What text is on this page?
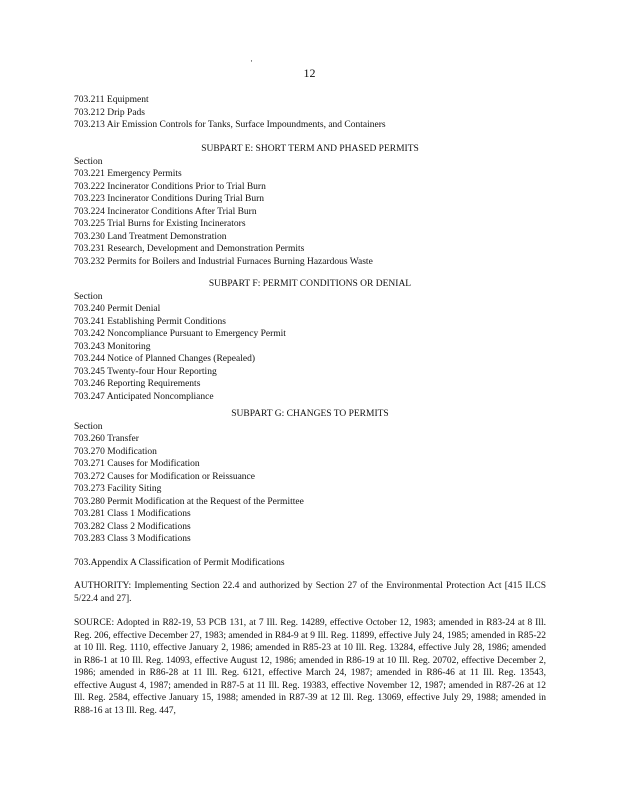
·
12
703.211 Equipment
703.212 Drip Pads
703.213 Air Emission Controls for Tanks, Surface Impoundments, and Containers
SUBPART E: SHORT TERM AND PHASED PERMITS
Section
703.221 Emergency Permits
703.222 Incinerator Conditions Prior to Trial Burn
703.223 Incinerator Conditions During Trial Burn
703.224 Incinerator Conditions After Trial Burn
703.225 Trial Burns for Existing Incinerators
703.230 Land Treatment Demonstration
703.231 Research, Development and Demonstration Permits
703.232 Permits for Boilers and Industrial Furnaces Burning Hazardous Waste
SUBPART F: PERMIT CONDITIONS OR DENIAL
Section
703.240 Permit Denial
703.241 Establishing Permit Conditions
703.242 Noncompliance Pursuant to Emergency Permit
703.243 Monitoring
703.244 Notice of Planned Changes (Repealed)
703.245 Twenty-four Hour Reporting
703.246 Reporting Requirements
703.247 Anticipated Noncompliance
SUBPART G: CHANGES TO PERMITS
Section
703.260 Transfer
703.270 Modification
703.271 Causes for Modification
703.272 Causes for Modification or Reissuance
703.273 Facility Siting
703.280 Permit Modification at the Request of the Permittee
703.281 Class 1 Modifications
703.282 Class 2 Modifications
703.283 Class 3 Modifications
703.Appendix A Classification of Permit Modifications
AUTHORITY: Implementing Section 22.4 and authorized by Section 27 of the Environmental Protection Act [415 ILCS 5/22.4 and 27].
SOURCE: Adopted in R82-19, 53 PCB 131, at 7 Ill. Reg. 14289, effective October 12, 1983; amended in R83-24 at 8 Ill. Reg. 206, effective December 27, 1983; amended in R84-9 at 9 Ill. Reg. 11899, effective July 24, 1985; amended in R85-22 at 10 Ill. Reg. 1110, effective January 2, 1986; amended in R85-23 at 10 Ill. Reg. 13284, effective July 28, 1986; amended in R86-1 at 10 Ill. Reg. 14093, effective August 12, 1986; amended in R86-19 at 10 Ill. Reg. 20702, effective December 2, 1986; amended in R86-28 at 11 Ill. Reg. 6121, effective March 24, 1987; amended in R86-46 at 11 Ill. Reg. 13543, effective August 4, 1987; amended in R87-5 at 11 Ill. Reg. 19383, effective November 12, 1987; amended in R87-26 at 12 Ill. Reg. 2584, effective January 15, 1988; amended in R87-39 at 12 Ill. Reg. 13069, effective July 29, 1988; amended in R88-16 at 13 Ill. Reg. 447,
